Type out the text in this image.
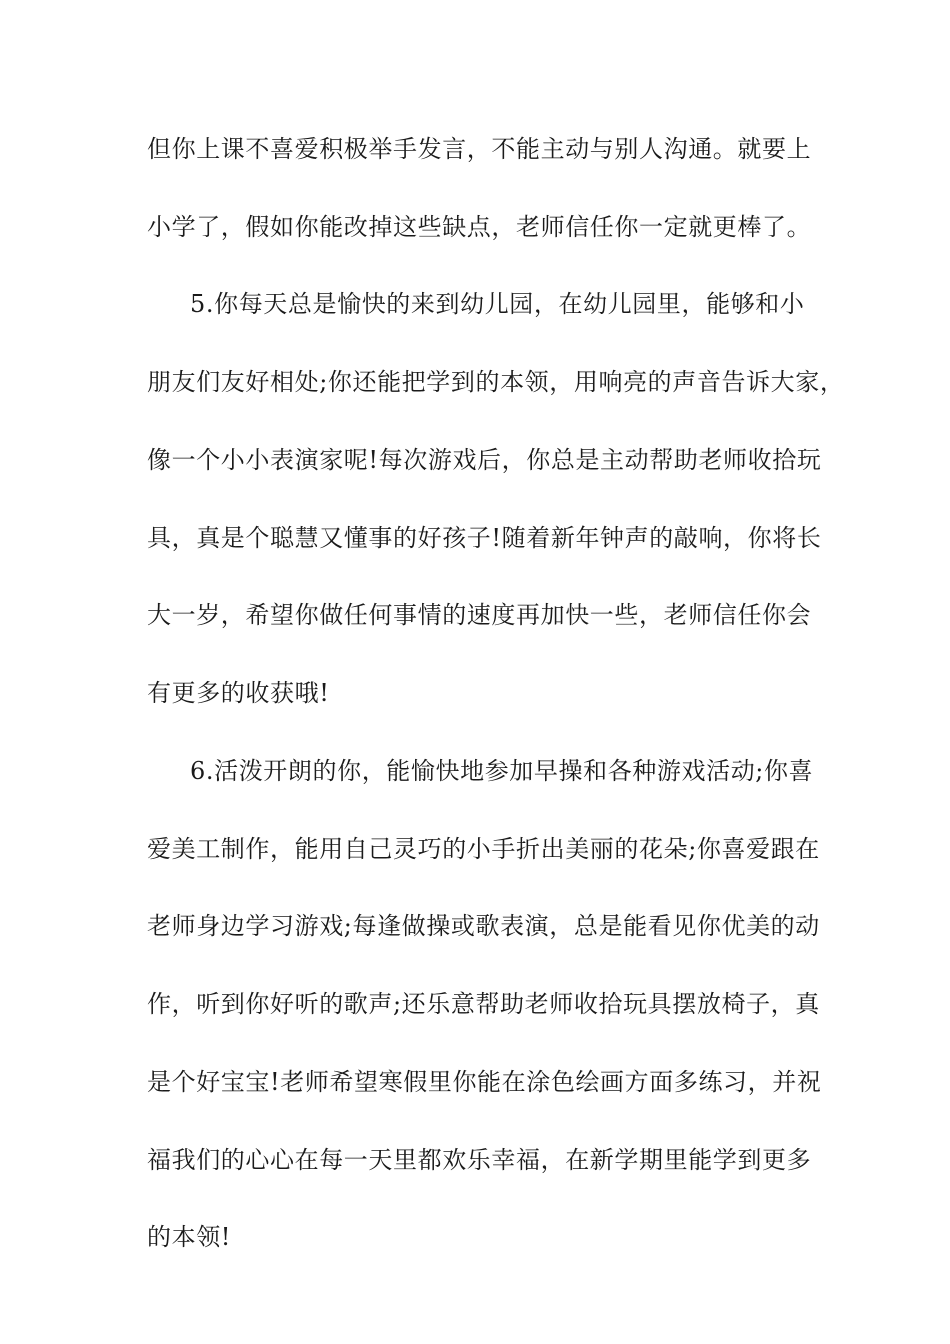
但你上课不喜爱积极举手发言，不能主动与别人沟通。就要上
小学了，假如你能改掉这些缺点，老师信任你一定就更棒了。
5.你每天总是愉快的来到幼儿园，在幼儿园里，能够和小
朋友们友好相处;你还能把学到的本领，用响亮的声音告诉大家，
像一个小小表演家呢!每次游戏后，你总是主动帮助老师收拾玩
具，真是个聪慧又懂事的好孩子!随着新年钟声的敲响，你将长
大一岁，希望你做任何事情的速度再加快一些，老师信任你会
有更多的收获哦!
6.活泼开朗的你，能愉快地参加早操和各种游戏活动;你喜
爱美工制作，能用自己灵巧的小手折出美丽的花朵;你喜爱跟在
老师身边学习游戏;每逢做操或歌表演，总是能看见你优美的动
作，听到你好听的歌声;还乐意帮助老师收拾玩具摆放椅子，真
是个好宝宝!老师希望寒假里你能在涂色绘画方面多练习，并祝
福我们的心心在每一天里都欢乐幸福，在新学期里能学到更多
的本领!
